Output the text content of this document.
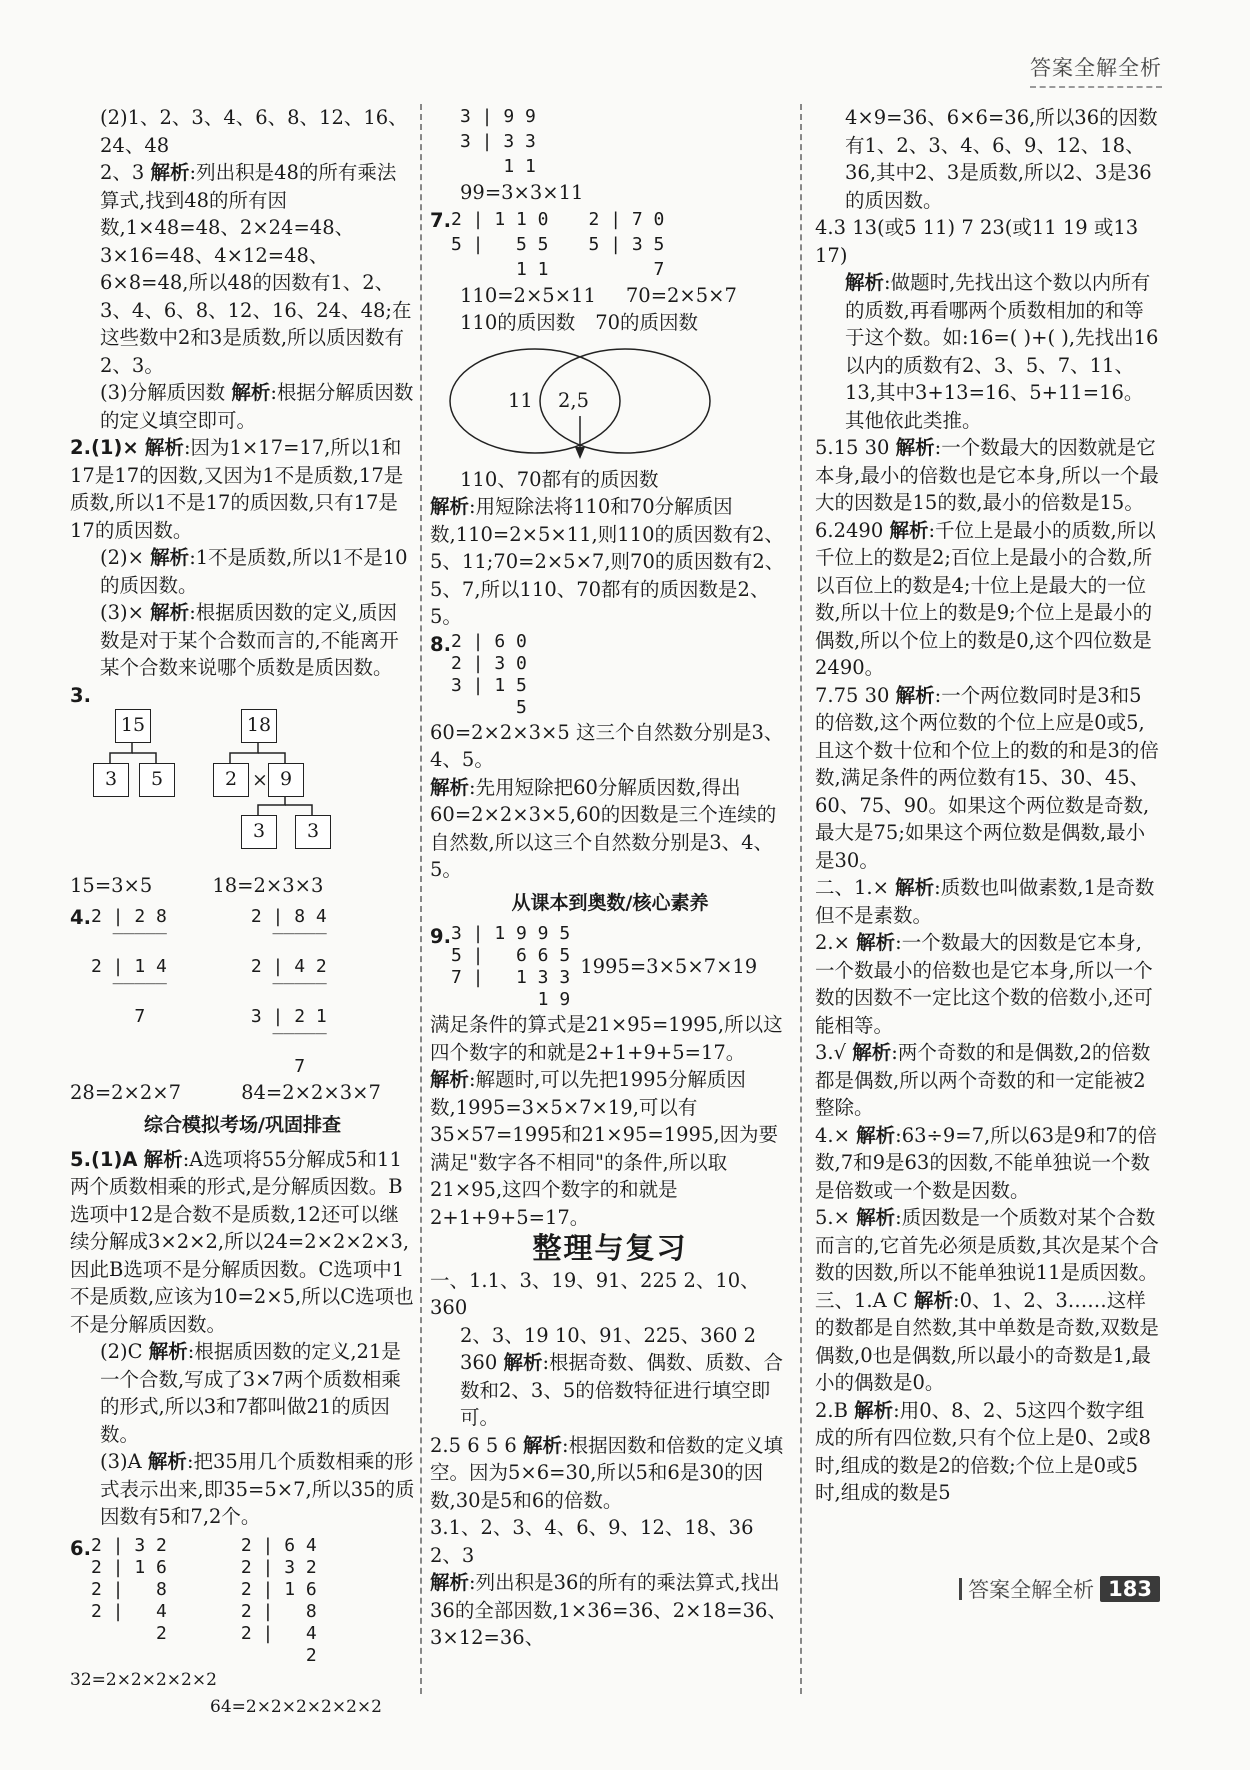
答案全解全析

(2)1、2、3、4、6、8、12、16、24、48

2、3 解析:列出积是48的所有乘法算式,找到48的所有因数,1×48=48、2×24=48、3×16=48、4×12=48、6×8=48,所以48的因数有1、2、3、4、6、8、12、16、24、48;在这些数中2和3是质数,所以质因数有2、3。

(3)分解质因数 解析:根据分解质因数的定义填空即可。

2.(1)× 解析:因为1×17=17,所以1和17是17的因数,又因为1不是质数,17是质数,所以1不是17的质因数,只有17是17的质因数。

(2)× 解析:1不是质数,所以1不是10的质因数。

(3)× 解析:根据质因数的定义,质因数是对于某个合数而言的,不能离开某个合数来说哪个质数是质因数。

3.

15
3	5
18
2 × 9
3	3
15=3×5	18=2×3×3
4. 2 | 2 8
‾‾‾‾‾
2 | 1 4
‾‾‾‾‾
7
2 | 8 4
‾‾‾‾‾
2 | 4 2
‾‾‾‾‾
3 | 2 1
‾‾‾‾‾
7
28=2×2×7	84=2×2×3×7

综合模拟考场/巩固排查

5.(1)A 解析:A选项将55分解成5和11两个质数相乘的形式,是分解质因数。B选项中12是合数不是质数,12还可以继续分解成3×2×2,所以24=2×2×2×3,因此B选项不是分解质因数。C选项中1不是质数,应该为10=2×5,所以C选项也不是分解质因数。

(2)C 解析:根据质因数的定义,21是一个合数,写成了3×7两个质数相乘的形式,所以3和7都叫做21的质因数。

(3)A 解析:把35用几个质数相乘的形式表示出来,即35=5×7,所以35的质因数有5和7,2个。

6. 2 | 3 2
2 | 1 6
2 |   8
2 |   4
2
2 | 6 4
2 | 3 2
2 | 1 6
2 |   8
2 |   4
2

32=2×2×2×2×2

64=2×2×2×2×2×2

3 | 9 9
3 | 3 3
1 1

99=3×3×11

7. 2 | 1 1 0
5 |   5 5
1 1
2 | 7 0
5 | 3 5
7
110=2×5×11 70=2×5×7
110的质因数 70的质因数
11 2,5

110、70都有的质因数

解析:用短除法将110和70分解质因数,110=2×5×11,则110的质因数有2、5、11;70=2×5×7,则70的质因数有2、5、7,所以110、70都有的质因数是2、5。

8. 2 | 6 0
2 | 3 0
3 | 1 5
5

60=2×2×3×5 这三个自然数分别是3、4、5。

解析:先用短除把60分解质因数,得出60=2×2×3×5,60的因数是三个连续的自然数,所以这三个自然数分别是3、4、5。

从课本到奥数/核心素养

9. 3 | 1 9 9 5
5 |   6 6 5
7 |   1 3 3
1 9
1995=3×5×7×19

满足条件的算式是21×95=1995,所以这四个数字的和就是2+1+9+5=17。

解析:解题时,可以先把1995分解质因数,1995=3×5×7×19,可以有35×57=1995和21×95=1995,因为要满足"数字各不相同"的条件,所以取21×95,这四个数字的和就是2+1+9+5=17。

整理与复习

一、1.1、3、19、91、225 2、10、360

2、3、19 10、91、225、360 2

360 解析:根据奇数、偶数、质数、合数和2、3、5的倍数特征进行填空即可。

2.5 6 5 6 解析:根据因数和倍数的定义填空。因为5×6=30,所以5和6是30的因数,30是5和6的倍数。

3.1、2、3、4、6、9、12、18、36 2、3

解析:列出积是36的所有的乘法算式,找出36的全部因数,1×36=36、2×18=36、3×12=36、

4×9=36、6×6=36,所以36的因数有1、2、3、4、6、9、12、18、36,其中2、3是质数,所以2、3是36的质因数。

4.3 13(或5 11) 7 23(或11 19 或13 17)

解析:做题时,先找出这个数以内所有的质数,再看哪两个质数相加的和等于这个数。如:16=( )+( ),先找出16以内的质数有2、3、5、7、11、13,其中3+13=16、5+11=16。其他依此类推。

5.15 30 解析:一个数最大的因数就是它本身,最小的倍数也是它本身,所以一个最大的因数是15的数,最小的倍数是15。

6.2490 解析:千位上是最小的质数,所以千位上的数是2;百位上是最小的合数,所以百位上的数是4;十位上是最大的一位数,所以十位上的数是9;个位上是最小的偶数,所以个位上的数是0,这个四位数是2490。

7.75 30 解析:一个两位数同时是3和5的倍数,这个两位数的个位上应是0或5,且这个数十位和个位上的数的和是3的倍数,满足条件的两位数有15、30、45、60、75、90。如果这个两位数是奇数,最大是75;如果这个两位数是偶数,最小是30。

二、1.× 解析:质数也叫做素数,1是奇数但不是素数。

2.× 解析:一个数最大的因数是它本身,一个数最小的倍数也是它本身,所以一个数的因数不一定比这个数的倍数小,还可能相等。

3.√ 解析:两个奇数的和是偶数,2的倍数都是偶数,所以两个奇数的和一定能被2整除。

4.× 解析:63÷9=7,所以63是9和7的倍数,7和9是63的因数,不能单独说一个数是倍数或一个数是因数。

5.× 解析:质因数是一个质数对某个合数而言的,它首先必须是质数,其次是某个合数的因数,所以不能单独说11是质因数。

三、1.A C 解析:0、1、2、3……这样的数都是自然数,其中单数是奇数,双数是偶数,0也是偶数,所以最小的奇数是1,最小的偶数是0。

2.B 解析:用0、8、2、5这四个数字组成的所有四位数,只有个位上是0、2或8时,组成的数是2的倍数;个位上是0或5时,组成的数是5

答案全解全析 183
